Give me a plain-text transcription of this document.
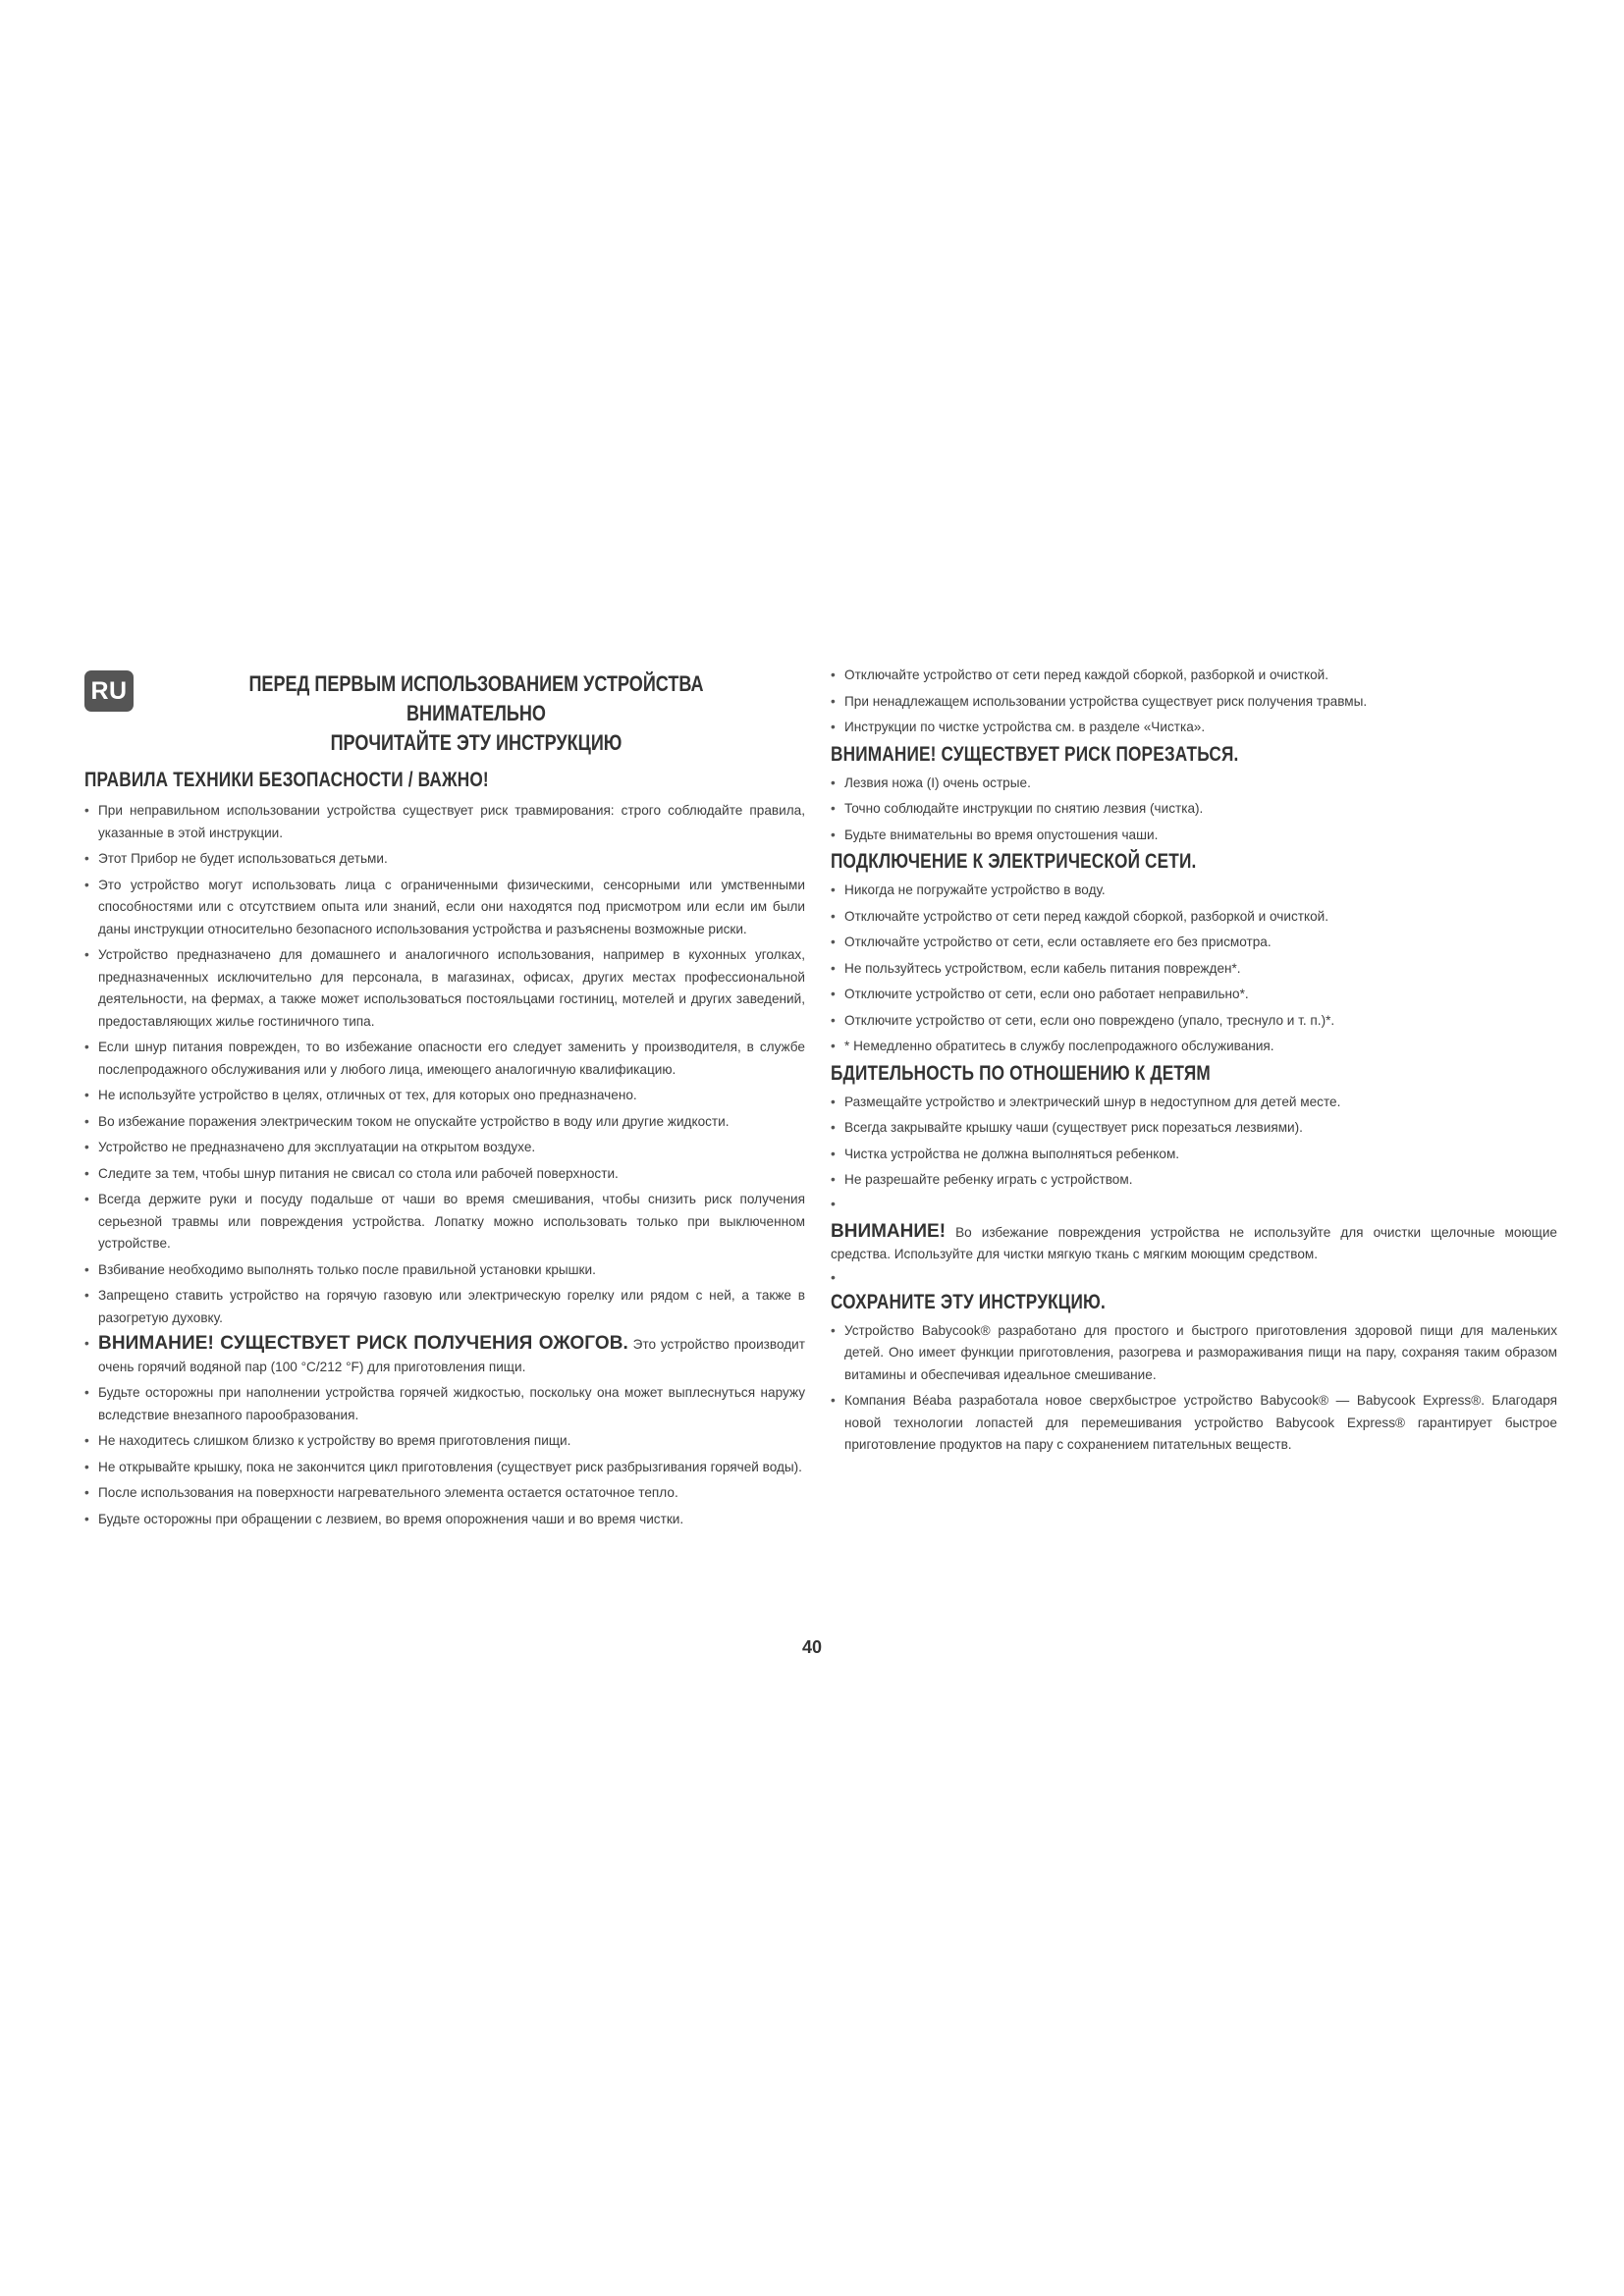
RU	ПЕРЕД ПЕРВЫМ ИСПОЛЬЗОВАНИЕМ УСТРОЙСТВА ВНИМАТЕЛЬНО
ПРОЧИТАЙТЕ ЭТУ ИНСТРУКЦИЮ
ПРАВИЛА ТЕХНИКИ БЕЗОПАСНОСТИ / ВАЖНО!
• При неправильном использовании устройства существует риск травмирования: строго соблюдайте правила, указанные в этой инструкции.
• Этот Прибор не будет использоваться детьми.
• Это устройство могут использовать лица с ограниченными физическими, сенсорными или умственными способностями или с отсутствием опыта или знаний, если они находятся под присмотром или если им были даны инструкции относительно безопасного использования устройства и разъяснены возможные риски.
• Устройство предназначено для домашнего и аналогичного использования, например в кухонных уголках, предназначенных исключительно для персонала, в магазинах, офисах, других местах профессиональной деятельности, на фермах, а также может использоваться постояльцами гостиниц, мотелей и других заведений, предоставляющих жилье гостиничного типа.
• Если шнур питания поврежден, то во избежание опасности его следует заменить у производителя, в службе послепродажного обслуживания или у любого лица, имеющего аналогичную квалификацию.
• Не используйте устройство в целях, отличных от тех, для которых оно предназначено.
• Во избежание поражения электрическим током не опускайте устройство в воду или другие жидкости.
• Устройство не предназначено для эксплуатации на открытом воздухе.
• Следите за тем, чтобы шнур питания не свисал со стола или рабочей поверхности.
• Всегда держите руки и посуду подальше от чаши во время смешивания, чтобы снизить риск получения серьезной травмы или повреждения устройства. Лопатку можно использовать только при выключенном устройстве.
• Взбивание необходимо выполнять только после правильной установки крышки.
• Запрещено ставить устройство на горячую газовую или электрическую горелку или рядом с ней, а также в разогретую духовку.
• ВНИМАНИЕ! СУЩЕСТВУЕТ РИСК ПОЛУЧЕНИЯ ОЖОГОВ. Это устройство производит очень горячий водяной пар (100 °C/212 °F) для приготовления пищи.
• Будьте осторожны при наполнении устройства горячей жидкостью, поскольку она может выплеснуться наружу вследствие внезапного парообразования.
• Не находитесь слишком близко к устройству во время приготовления пищи.
• Не открывайте крышку, пока не закончится цикл приготовления (существует риск разбрызгивания горячей воды).
• После использования на поверхности нагревательного элемента остается остаточное тепло.
• Будьте осторожны при обращении с лезвием, во время опорожнения чаши и во время чистки.
• Отключайте устройство от сети перед каждой сборкой, разборкой и очисткой.
• При ненадлежащем использовании устройства существует риск получения травмы.
• Инструкции по чистке устройства см. в разделе «Чистка».
ВНИМАНИЕ! СУЩЕСТВУЕТ РИСК ПОРЕЗАТЬСЯ.
• Лезвия ножа (I) очень острые.
• Точно соблюдайте инструкции по снятию лезвия (чистка).
• Будьте внимательны во время опустошения чаши.
ПОДКЛЮЧЕНИЕ К ЭЛЕКТРИЧЕСКОЙ СЕТИ.
• Никогда не погружайте устройство в воду.
• Отключайте устройство от сети перед каждой сборкой, разборкой и очисткой.
• Отключайте устройство от сети, если оставляете его без присмотра.
• Не пользуйтесь устройством, если кабель питания поврежден*.
• Отключите устройство от сети, если оно работает неправильно*.
• Отключите устройство от сети, если оно повреждено (упало, треснуло и т. п.)*.
• * Немедленно обратитесь в службу послепродажного обслуживания.
БДИТЕЛЬНОСТЬ ПО ОТНОШЕНИЮ К ДЕТЯМ
• Размещайте устройство и электрический шнур в недоступном для детей месте.
• Всегда закрывайте крышку чаши (существует риск порезаться лезвиями).
• Чистка устройства не должна выполняться ребенком.
• Не разрешайте ребенку играть с устройством.
•
ВНИМАНИЕ! Во избежание повреждения устройства не используйте для очистки щелочные моющие средства. Используйте для чистки мягкую ткань с мягким моющим средством.
•
СОХРАНИТЕ ЭТУ ИНСТРУКЦИЮ.
• Устройство Babycook® разработано для простого и быстрого приготовления здоровой пищи для маленьких детей. Оно имеет функции приготовления, разогрева и размораживания пищи на пару, сохраняя таким образом витамины и обеспечивая идеальное смешивание.
• Компания Béaba разработала новое сверхбыстрое устройство Babycook® — Babycook Express®. Благодаря новой технологии лопастей для перемешивания устройство Babycook Express® гарантирует быстрое приготовление продуктов на пару с сохранением питательных веществ.
40
